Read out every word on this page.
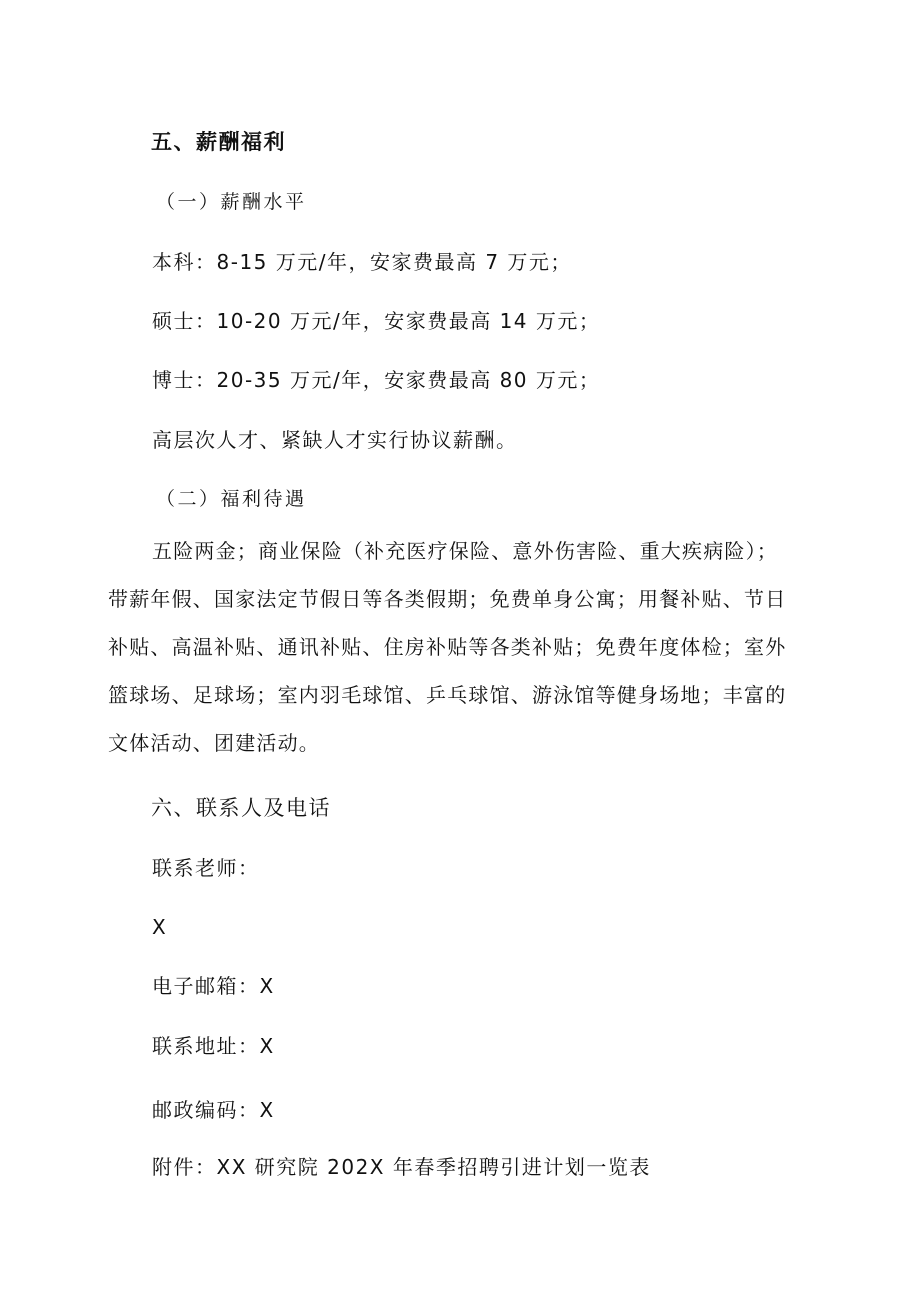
五、薪酬福利
（一）薪酬水平
本科：8-15 万元/年，安家费最高 7 万元；
硕士：10-20 万元/年，安家费最高 14 万元；
博士：20-35 万元/年，安家费最高 80 万元；
高层次人才、紧缺人才实行协议薪酬。
（二）福利待遇
五险两金；商业保险（补充医疗保险、意外伤害险、重大疾病险）；
带薪年假、国家法定节假日等各类假期；免费单身公寓；用餐补贴、节日
补贴、高温补贴、通讯补贴、住房补贴等各类补贴；免费年度体检；室外
篮球场、足球场；室内羽毛球馆、乒乓球馆、游泳馆等健身场地；丰富的
文体活动、团建活动。
六、联系人及电话
联系老师：
X
电子邮箱：X
联系地址：X
邮政编码：X
附件：XX 研究院 202X 年春季招聘引进计划一览表
